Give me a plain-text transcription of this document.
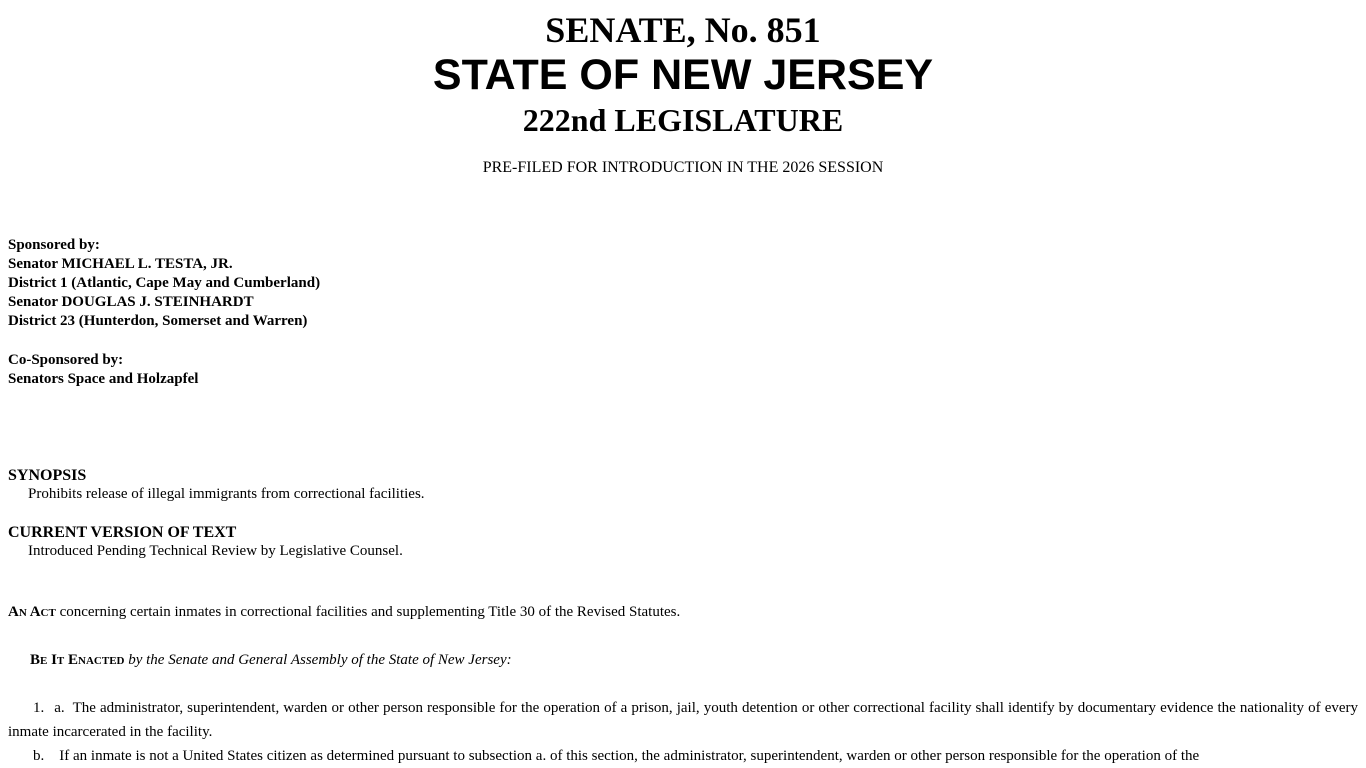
SENATE, No. 851
STATE OF NEW JERSEY
222nd LEGISLATURE
PRE-FILED FOR INTRODUCTION IN THE 2026 SESSION
Sponsored by:
Senator MICHAEL L. TESTA, JR.
District 1 (Atlantic, Cape May and Cumberland)
Senator DOUGLAS J. STEINHARDT
District 23 (Hunterdon, Somerset and Warren)
Co-Sponsored by:
Senators Space and Holzapfel
SYNOPSIS
Prohibits release of illegal immigrants from correctional facilities.
CURRENT VERSION OF TEXT
Introduced Pending Technical Review by Legislative Counsel.
An Act concerning certain inmates in correctional facilities and supplementing Title 30 of the Revised Statutes.
Be It Enacted by the Senate and General Assembly of the State of New Jersey:
1. a. The administrator, superintendent, warden or other person responsible for the operation of a prison, jail, youth detention or other correctional facility shall identify by documentary evidence the nationality of every inmate incarcerated in the facility.
b. If an inmate is not a United States citizen as determined pursuant to subsection a. of this section, the administrator, superintendent, warden or other person responsible for the operation of the
